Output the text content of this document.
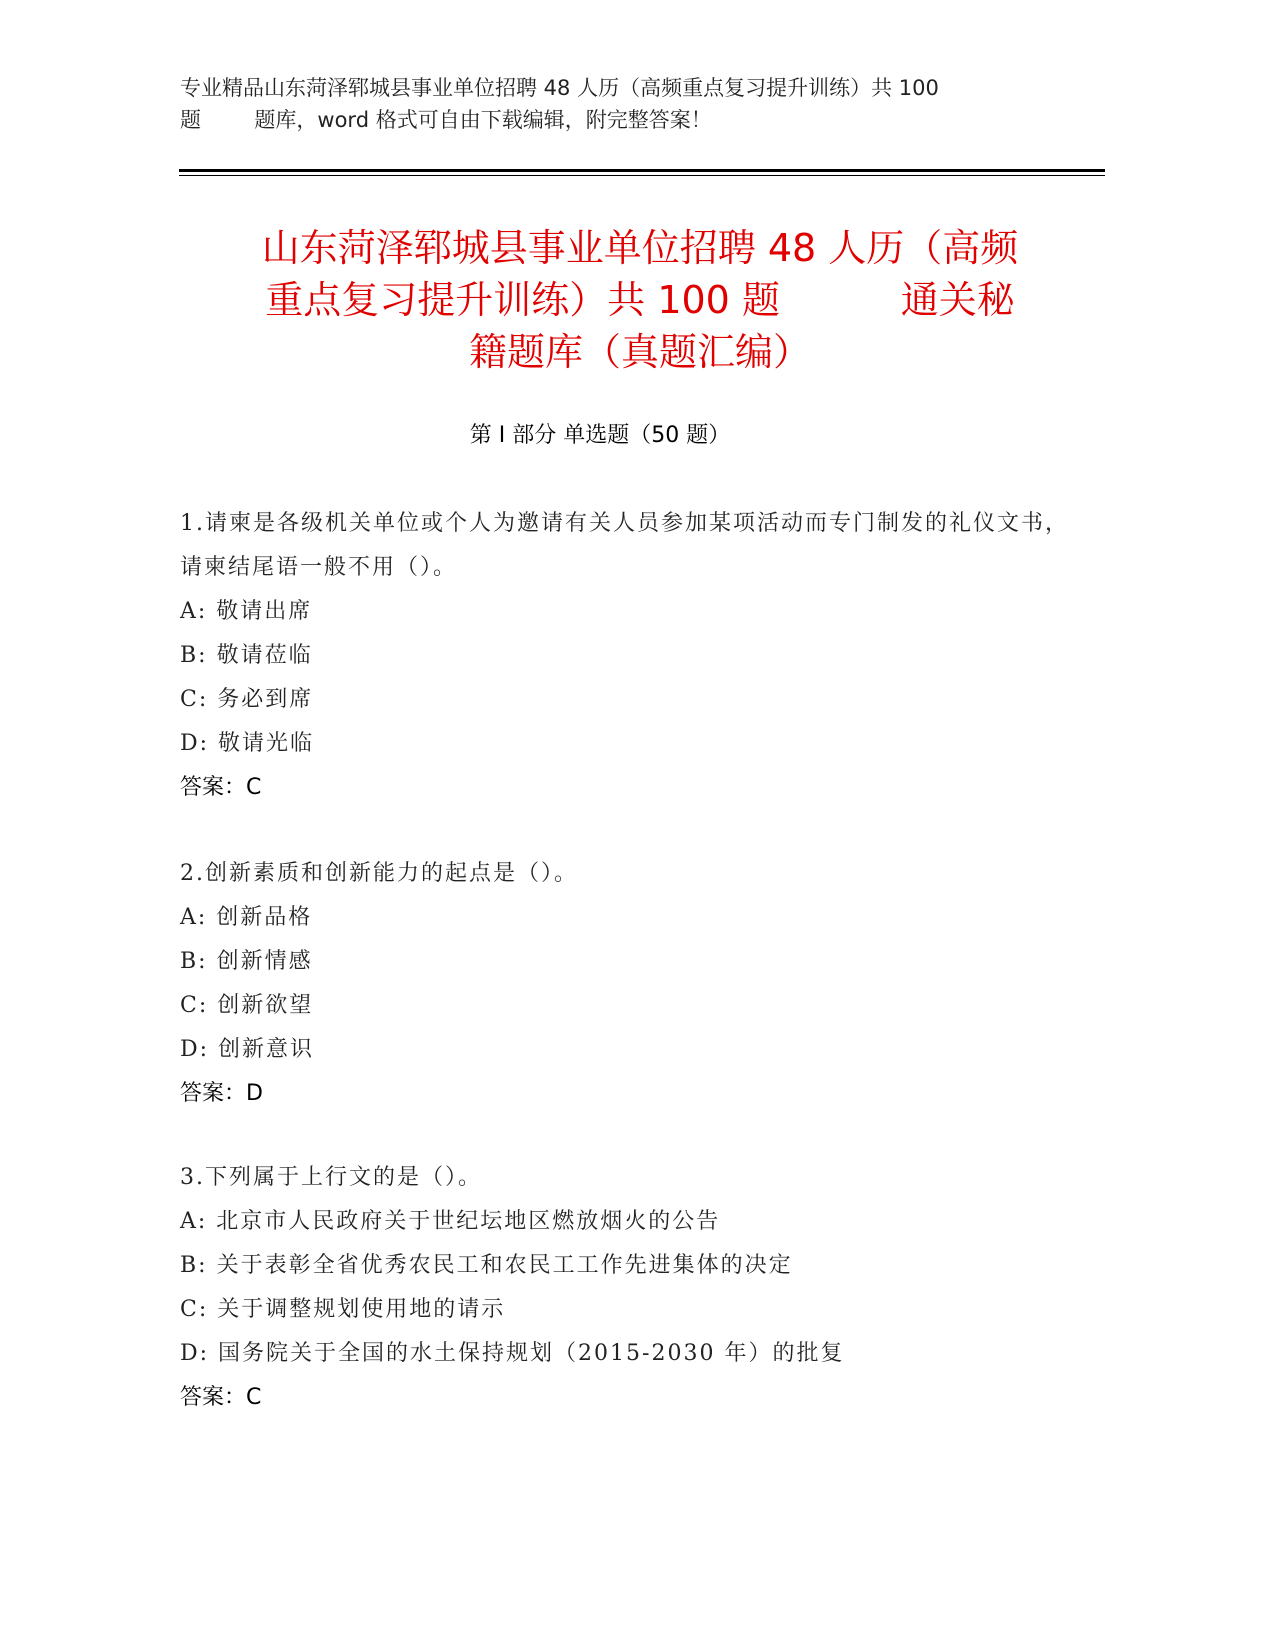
专业精品山东菏泽郓城县事业单位招聘 48 人历（高频重点复习提升训练）共 100
题        题库，word 格式可自由下载编辑，附完整答案！
山东菏泽郓城县事业单位招聘 48 人历（高频
重点复习提升训练）共 100 题          通关秘
籍题库（真题汇编）
第 I 部分 单选题（50 题）
1.请柬是各级机关单位或个人为邀请有关人员参加某项活动而专门制发的礼仪文书，请柬结尾语一般不用（）。
A: 敬请出席
B: 敬请莅临
C: 务必到席
D: 敬请光临
答案：C
2.创新素质和创新能力的起点是（）。
A: 创新品格
B: 创新情感
C: 创新欲望
D: 创新意识
答案：D
3.下列属于上行文的是（）。
A: 北京市人民政府关于世纪坛地区燃放烟火的公告
B: 关于表彰全省优秀农民工和农民工工作先进集体的决定
C: 关于调整规划使用地的请示
D: 国务院关于全国的水土保持规划（2015-2030 年）的批复
答案：C
